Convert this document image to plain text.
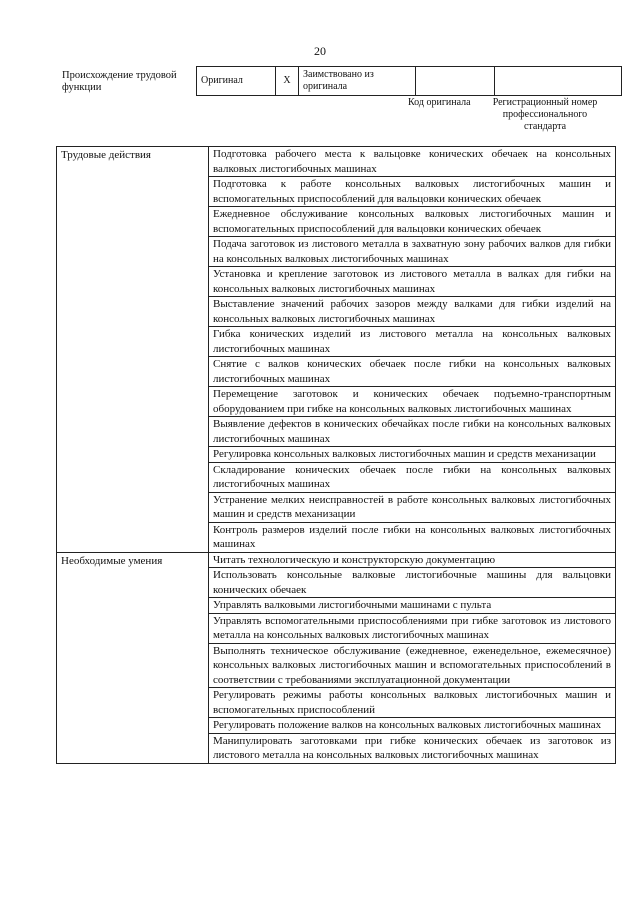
20
Происхождение трудовой функции
Оригинал	X	Заимствовано из оригинала		
Код оригинала	Регистрационный номер профессионального стандарта
Трудовые действия	Подготовка рабочего места к вальцовке конических обечаек на консольных валковых листогибочных машинах
	Подготовка к работе консольных валковых листогибочных машин и вспомогательных приспособлений для вальцовки конических обечаек
	Ежедневное обслуживание консольных валковых листогибочных машин и вспомогательных приспособлений для вальцовки конических обечаек
	Подача заготовок из листового металла в захватную зону рабочих валков для гибки на консольных валковых листогибочных машинах
	Установка и крепление заготовок из листового металла в валках для гибки на консольных валковых листогибочных машинах
	Выставление значений рабочих зазоров между валками для гибки изделий на консольных валковых листогибочных машинах
	Гибка конических изделий из листового металла на консольных валковых листогибочных машинах
	Снятие с валков конических обечаек после гибки на консольных валковых листогибочных машинах
	Перемещение заготовок и конических обечаек подъемно-транспортным оборудованием при гибке на консольных валковых листогибочных машинах
	Выявление дефектов в конических обечайках после гибки на консольных валковых листогибочных машинах
	Регулировка консольных валковых листогибочных машин и средств механизации
	Складирование конических обечаек после гибки на консольных валковых листогибочных машинах
	Устранение мелких неисправностей в работе консольных валковых листогибочных машин и средств механизации
	Контроль размеров изделий после гибки на консольных валковых листогибочных машинах
Необходимые умения	Читать технологическую и конструкторскую документацию
	Использовать консольные валковые листогибочные машины для вальцовки конических обечаек
	Управлять валковыми листогибочными машинами с пульта
	Управлять вспомогательными приспособлениями при гибке заготовок из листового металла на консольных валковых листогибочных машинах
	Выполнять техническое обслуживание (ежедневное, еженедельное, ежемесячное) консольных валковых листогибочных машин и вспомогательных приспособлений в соответствии с требованиями эксплуатационной документации
	Регулировать режимы работы консольных валковых листогибочных машин и вспомогательных приспособлений
	Регулировать положение валков на консольных валковых листогибочных машинах
	Манипулировать заготовками при гибке конических обечаек из заготовок из листового металла на консольных валковых листогибочных машинах
